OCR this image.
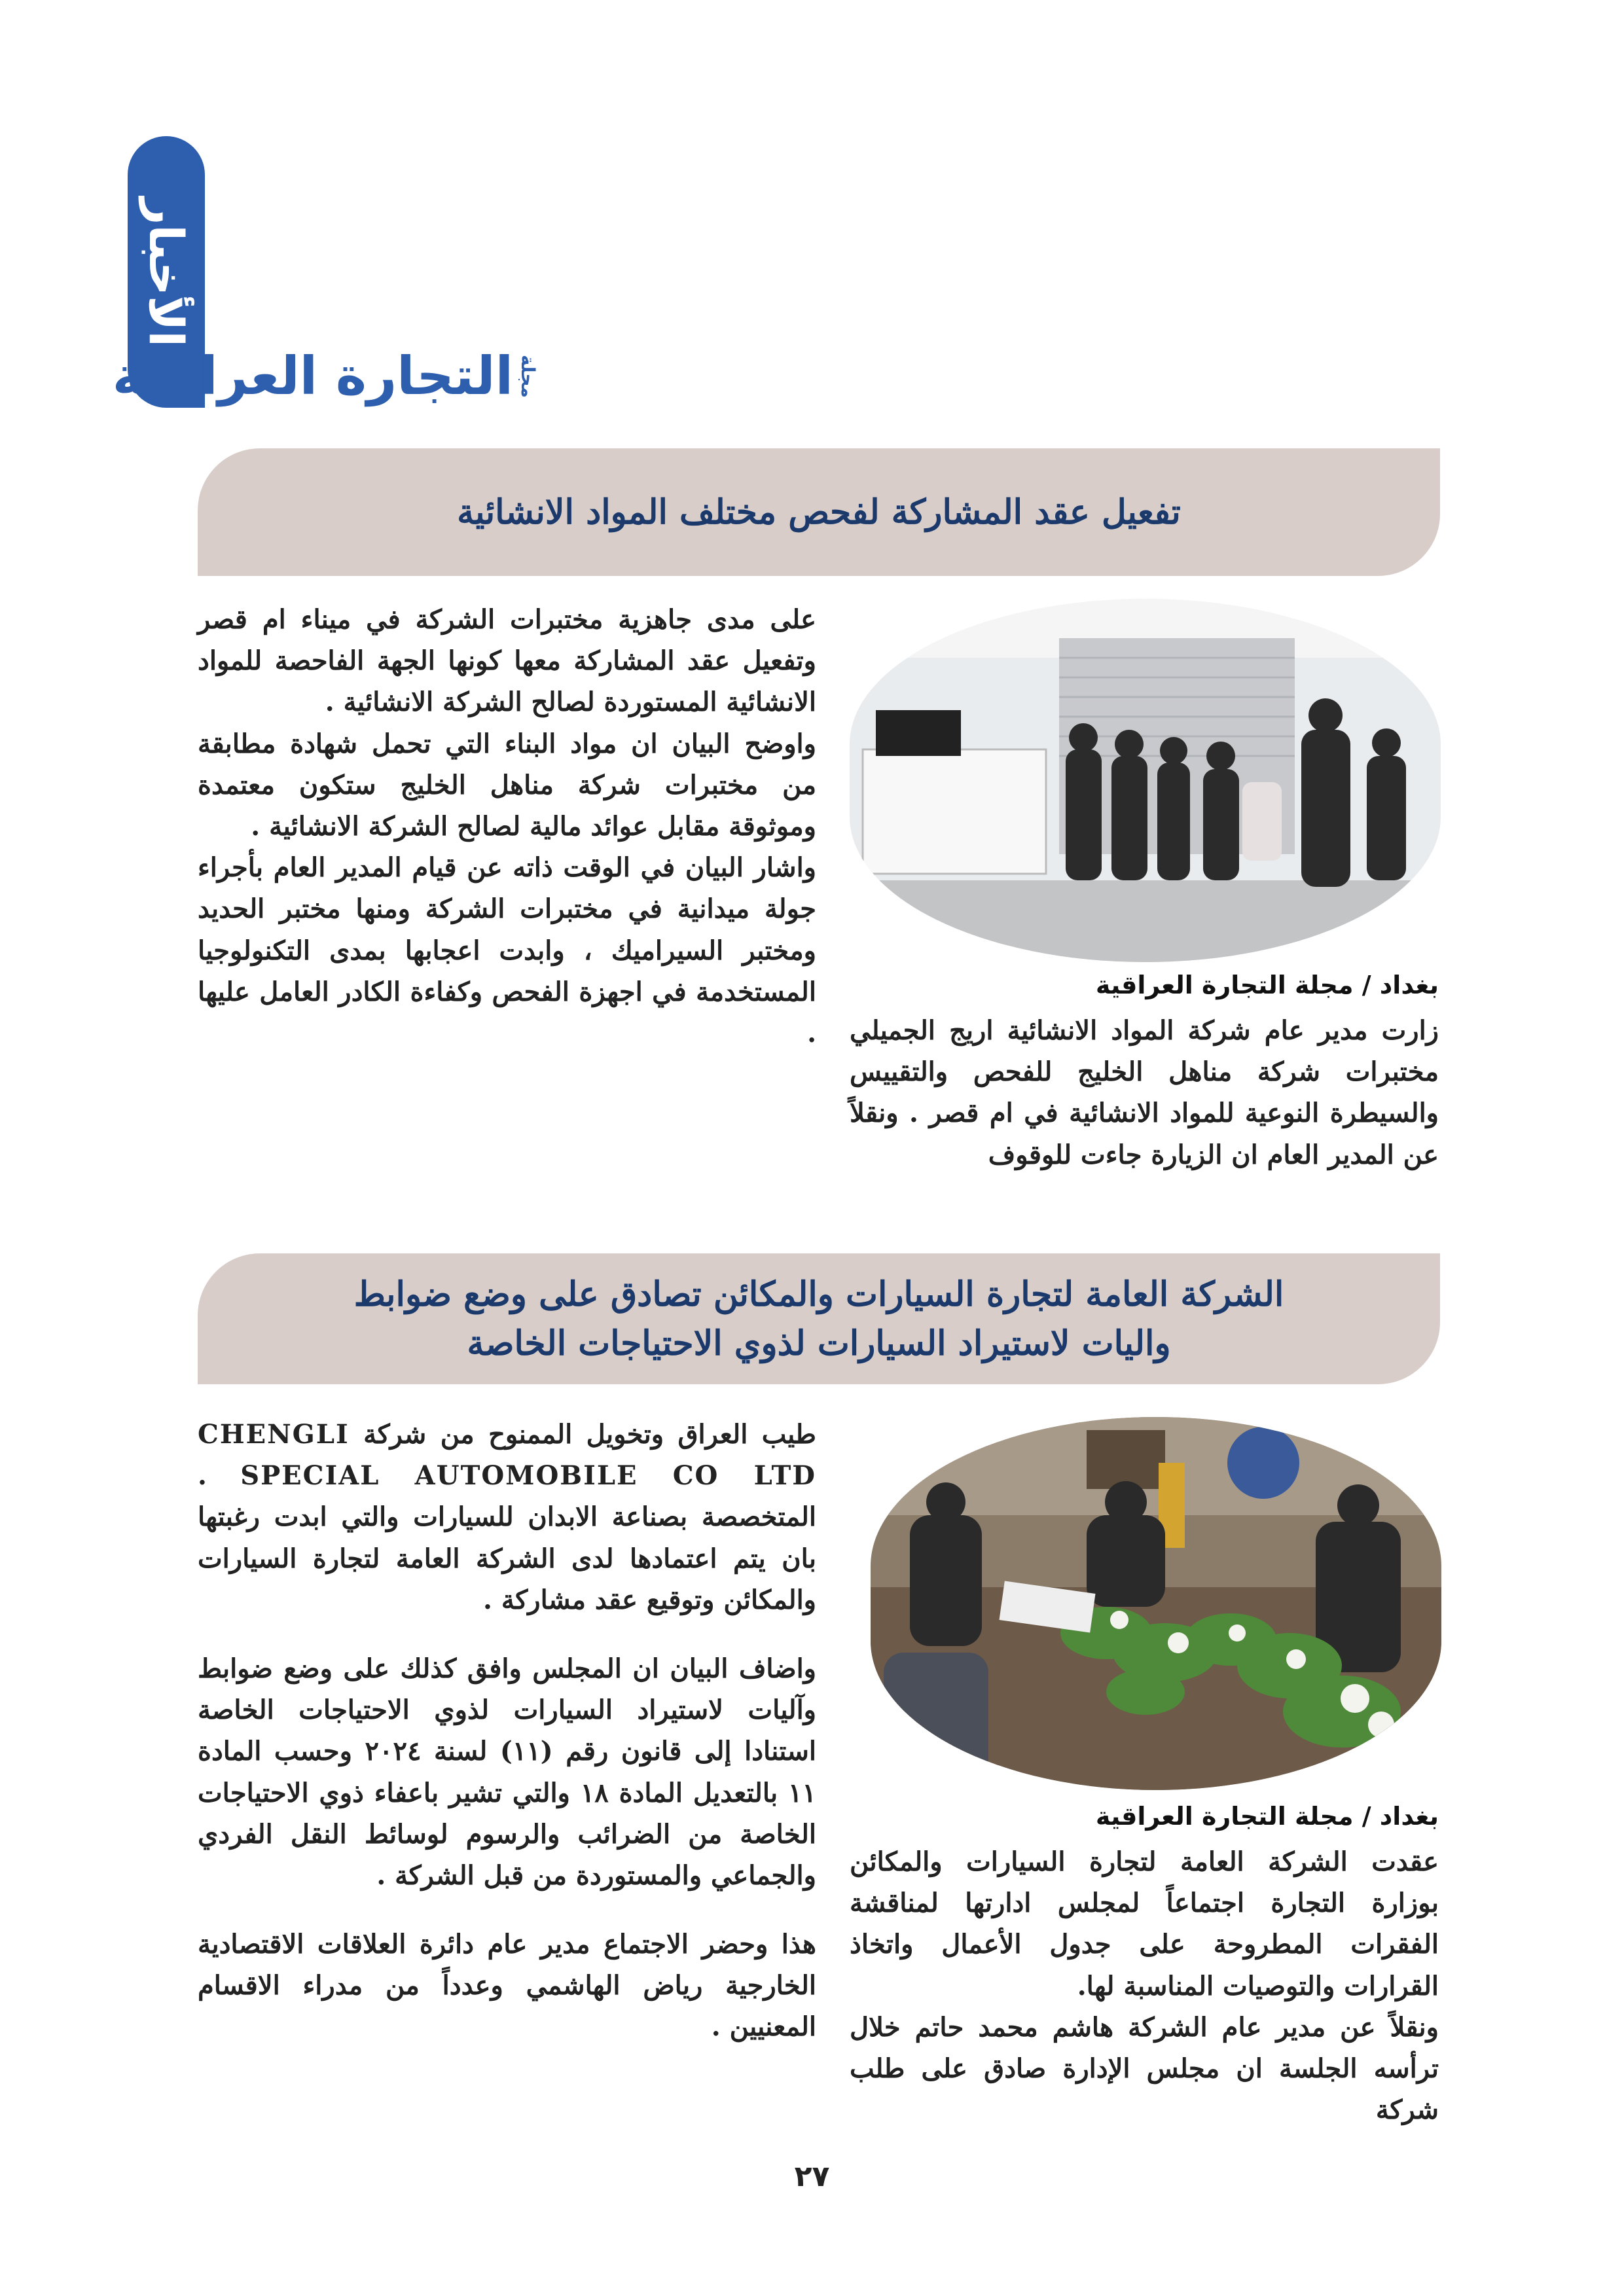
الأخبار
مجلة
التجارة العراقية
تفعيل عقد المشاركة لفحص مختلف المواد الانشائية

بغداد / مجلة التجارة العراقية

زارت مدير عام شركة المواد الانشائية اريج الجميلي مختبرات شركة مناهل الخليج للفحص والتقييس والسيطرة النوعية للمواد الانشائية في ام قصر . ونقلاً عن المدير العام ان الزيارة جاءت للوقوف

على مدى جاهزية مختبرات الشركة في ميناء ام قصر وتفعيل عقد المشاركة معها كونها الجهة الفاحصة للمواد الانشائية المستوردة لصالح الشركة الانشائية .

واوضح البيان ان مواد البناء التي تحمل شهادة مطابقة من مختبرات شركة مناهل الخليج ستكون معتمدة وموثوقة مقابل عوائد مالية لصالح الشركة الانشائية .

واشار البيان في الوقت ذاته عن قيام المدير العام بأجراء جولة ميدانية في مختبرات الشركة ومنها مختبر الحديد ومختبر السيراميك ، وابدت اعجابها بمدى التكنولوجيا المستخدمة في اجهزة الفحص وكفاءة الكادر العامل عليها .

الشركة العامة لتجارة السيارات والمكائن تصادق على وضع ضوابط
واليات لاستيراد السيارات لذوي الاحتياجات الخاصة

بغداد / مجلة التجارة العراقية

عقدت الشركة العامة لتجارة السيارات والمكائن بوزارة التجارة اجتماعاً لمجلس ادارتها لمناقشة الفقرات المطروحة على جدول الأعمال واتخاذ القرارات والتوصيات المناسبة لها.

ونقلاً عن مدير عام الشركة هاشم محمد حاتم خلال ترأسه الجلسة ان مجلس الإدارة صادق على طلب شركة

طيب العراق وتخويل الممنوح من شركة CHENGLI SPECIAL AUTOMOBILE CO LTD . المتخصصة بصناعة الابدان للسيارات والتي ابدت رغبتها بان يتم اعتمادها لدى الشركة العامة لتجارة السيارات والمكائن وتوقيع عقد مشاركة .

واضاف البيان ان المجلس وافق كذلك على وضع ضوابط وآليات لاستيراد السيارات لذوي الاحتياجات الخاصة استنادا إلى قانون رقم (١١) لسنة ٢٠٢٤ وحسب المادة ١١ بالتعديل المادة ١٨ والتي تشير باعفاء ذوي الاحتياجات الخاصة من الضرائب والرسوم لوسائط النقل الفردي والجماعي والمستوردة من قبل الشركة .

هذا وحضر الاجتماع مدير عام دائرة العلاقات الاقتصادية الخارجية رياض الهاشمي وعدداً من مدراء الاقسام المعنيين .

٢٧
